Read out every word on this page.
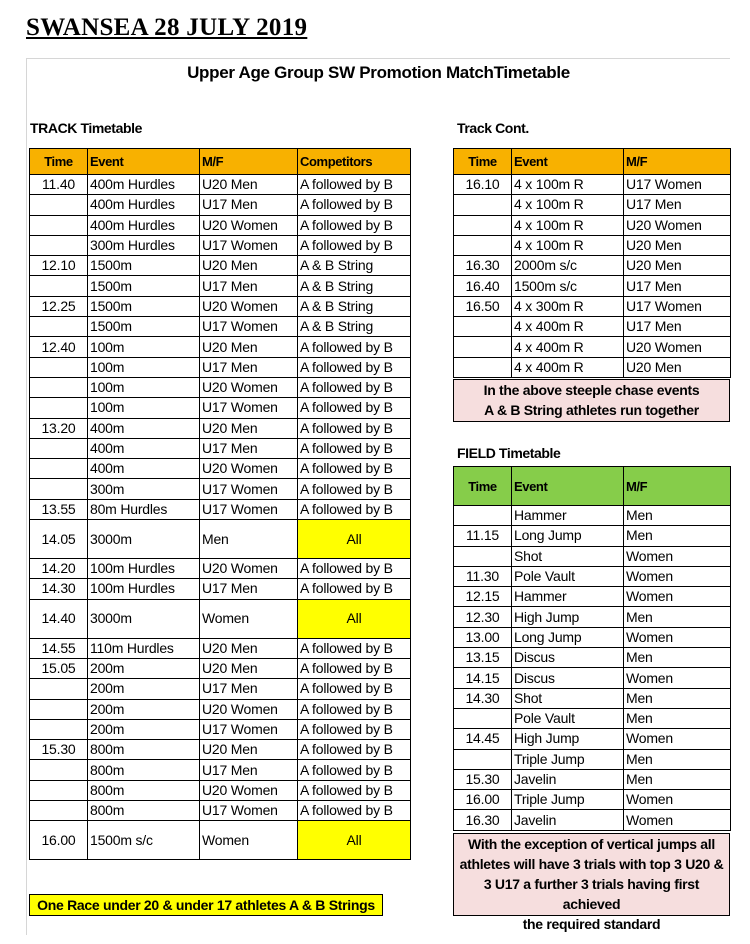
SWANSEA 28 JULY 2019
Upper Age Group SW Promotion MatchTimetable
TRACK Timetable	Track Cont.
FIELD Timetable
Time	Event	M/F	Competitors
11.40	400m Hurdles	U20 Men	A followed by B
	400m Hurdles	U17 Men	A followed by B
	400m Hurdles	U20 Women	A followed by B
	300m Hurdles	U17 Women	A followed by B
12.10	1500m	U20 Men	A & B String
	1500m	U17 Men	A & B String
12.25	1500m	U20 Women	A & B String
	1500m	U17 Women	A & B String
12.40	100m	U20 Men	A followed by B
	100m	U17 Men	A followed by B
	100m	U20 Women	A followed by B
	100m	U17 Women	A followed by B
13.20	400m	U20 Men	A followed by B
	400m	U17 Men	A followed by B
	400m	U20 Women	A followed by B
	300m	U17 Women	A followed by B
13.55	80m Hurdles	U17 Women	A followed by B
14.05	3000m	Men	All
14.20	100m Hurdles	U20 Women	A followed by B
14.30	100m Hurdles	U17 Men	A followed by B
14.40	3000m	Women	All
14.55	110m Hurdles	U20 Men	A followed by B
15.05	200m	U20 Men	A followed by B
	200m	U17 Men	A followed by B
	200m	U20 Women	A followed by B
	200m	U17 Women	A followed by B
15.30	800m	U20 Men	A followed by B
	800m	U17 Men	A followed by B
	800m	U20 Women	A followed by B
	800m	U17 Women	A followed by B
16.00	1500m s/c	Women	All
Time	Event	M/F
16.10	4 x 100m R	U17 Women
	4 x 100m R	U17 Men
	4 x 100m R	U20 Women
	4 x 100m R	U20 Men
16.30	2000m s/c	U20 Men
16.40	1500m s/c	U17 Men
16.50	4 x 300m R	U17 Women
	4 x 400m R	U17 Men
	4 x 400m R	U20 Women
	4 x 400m R	U20 Men
In the above steeple chase events
A & B String athletes run together
Time	Event	M/F
	Hammer	Men
11.15	Long Jump	Men
	Shot	Women
11.30	Pole Vault	Women
12.15	Hammer	Women
12.30	High Jump	Men
13.00	Long Jump	Women
13.15	Discus	Men
14.15	Discus	Women
14.30	Shot	Men
	Pole Vault	Men
14.45	High Jump	Women
	Triple Jump	Men
15.30	Javelin	Men
16.00	Triple Jump	Women
16.30	Javelin	Women
With the exception of vertical jumps all
athletes will have 3 trials with top 3 U20 &
3 U17 a further 3 trials having first achieved
the required standard
One Race under 20 & under 17 athletes A & B Strings
